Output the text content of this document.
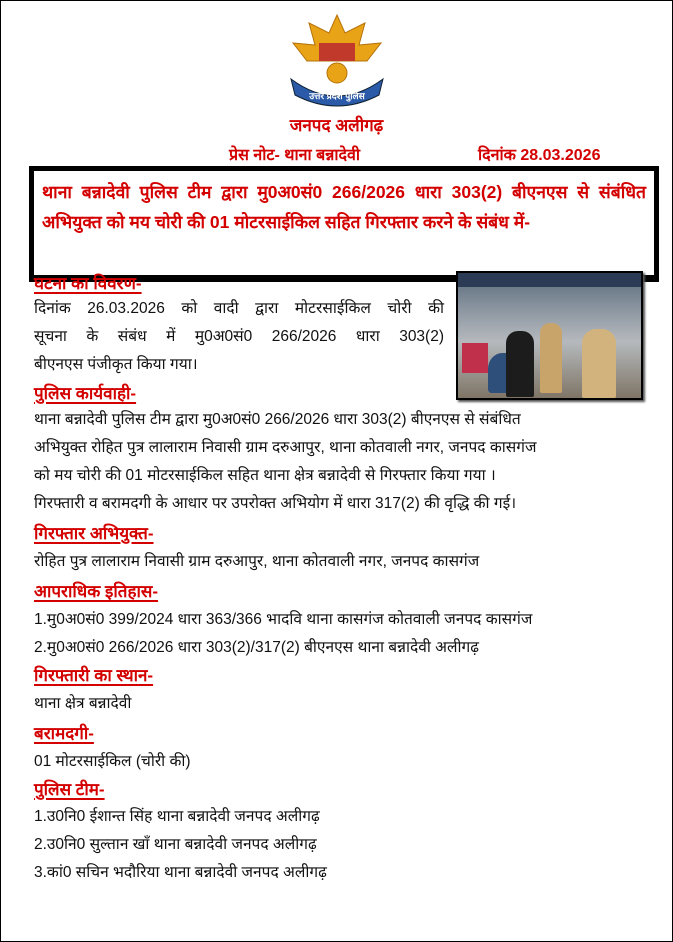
उत्तर प्रदेश पुलिस
जनपद अलीगढ़
प्रेस नोट- थाना बन्नादेवी	दिनांक 28.03.2026

थाना बन्नादेवी पुलिस टीम द्वारा मु0अ0सं0 266/2026 धारा 303(2) बीएनएस से संबंधित अभियुक्त को मय चोरी की 01 मोटरसाईकिल सहित गिरफ्तार करने के संबंध में-

घटना का विवरण-
दिनांक 26.03.2026 को वादी द्वारा मोटरसाईकिल चोरी की
सूचना के संबंध में मु0अ0सं0 266/2026 धारा 303(2)
बीएनएस पंजीकृत किया गया।
पुलिस कार्यवाही-
थाना बन्नादेवी पुलिस टीम द्वारा मु0अ0सं0 266/2026 धारा 303(2) बीएनएस से संबंधित
अभियुक्त रोहित पुत्र लालाराम निवासी ग्राम दरुआपुर, थाना कोतवाली नगर, जनपद कासगंज
को मय चोरी की 01 मोटरसाईकिल सहित थाना क्षेत्र बन्नादेवी से गिरफ्तार किया गया ।
गिरफ्तारी व बरामदगी के आधार पर उपरोक्त अभियोग में धारा 317(2) की वृद्धि की गई।
गिरफ्तार अभियुक्त-
रोहित पुत्र लालाराम निवासी ग्राम दरुआपुर, थाना कोतवाली नगर, जनपद कासगंज
आपराधिक इतिहास-
1.मु0अ0सं0 399/2024 धारा 363/366 भादवि थाना कासगंज कोतवाली जनपद कासगंज
2.मु0अ0सं0 266/2026 धारा 303(2)/317(2) बीएनएस थाना बन्नादेवी अलीगढ़
गिरफ्तारी का स्थान-
थाना क्षेत्र बन्नादेवी
बरामदगी-
01 मोटरसाईकिल (चोरी की)
पुलिस टीम-
1.उ0नि0 ईशान्त सिंह थाना बन्नादेवी जनपद अलीगढ़
2.उ0नि0 सुल्तान खाँ थाना बन्नादेवी जनपद अलीगढ़
3.कां0 सचिन भदौरिया थाना बन्नादेवी जनपद अलीगढ़
